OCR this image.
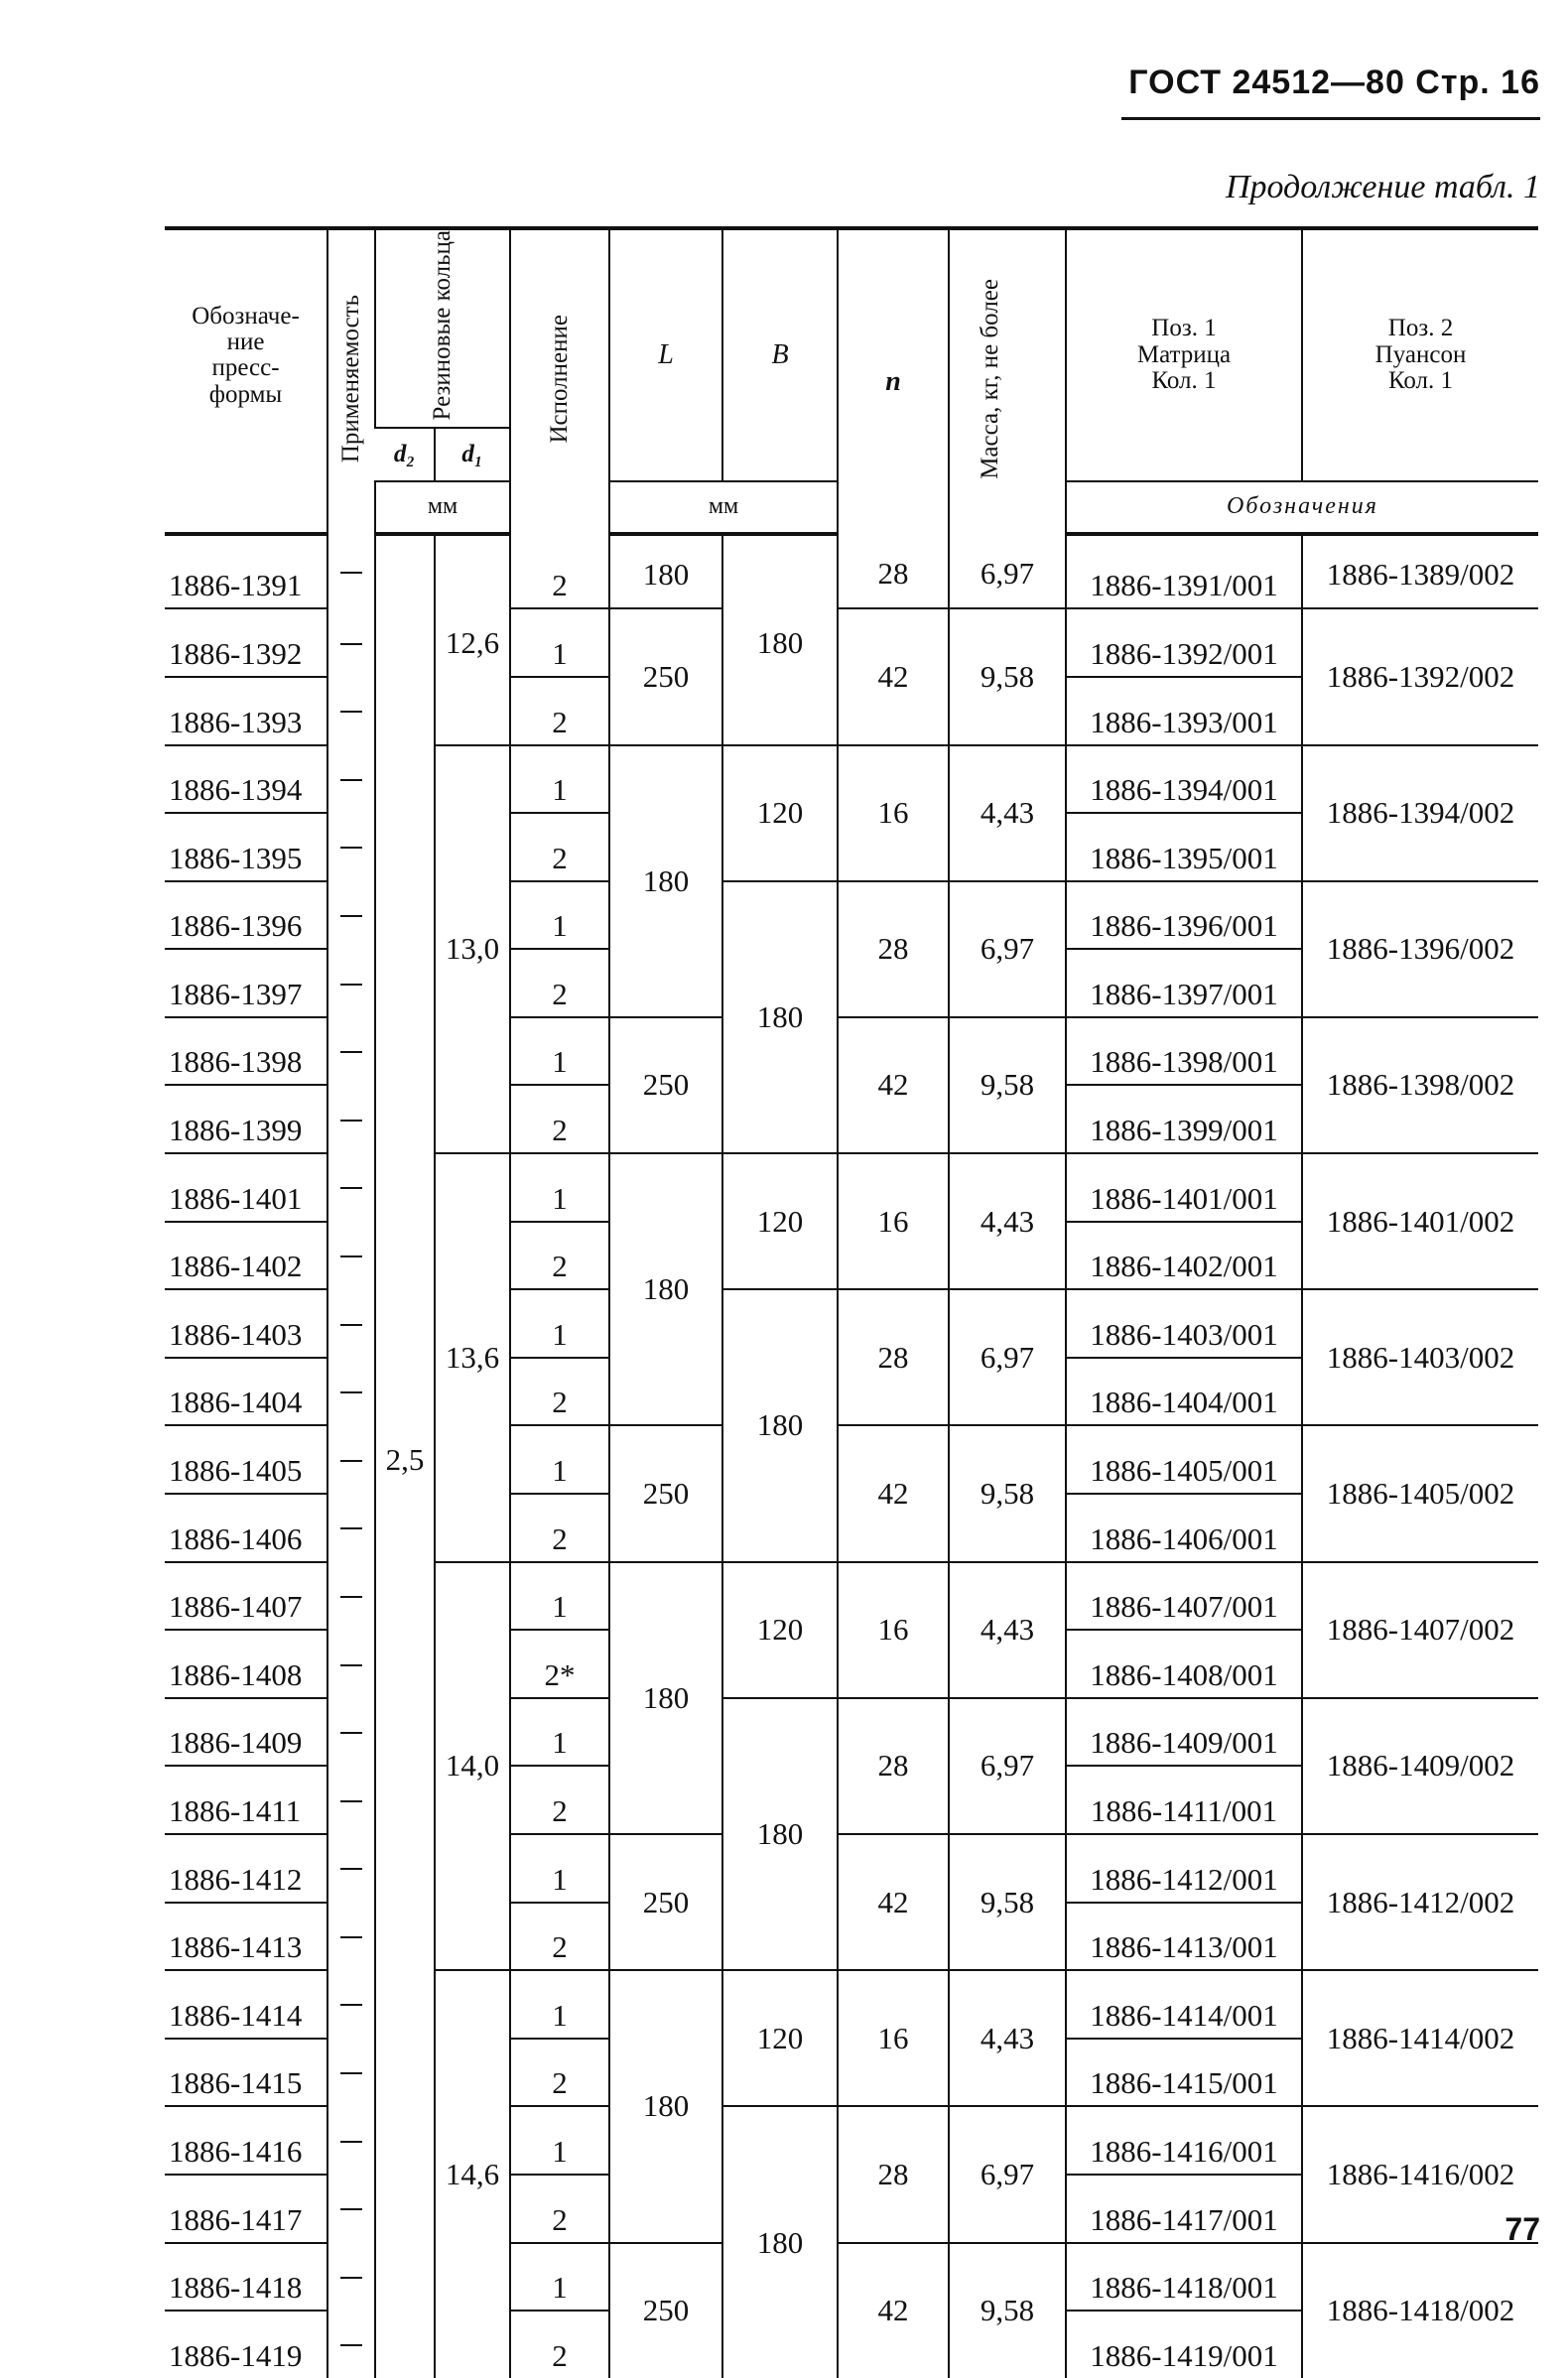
ГОСТ 24512—80 Стр. 16
Продолжение табл. 1
Обозначе- ние пресс- формы	Применяемость	Резиновые кольца		Исполнение	L	B	n	Масса, кг, не более	Поз. 1 Матрица Кол. 1	Поз. 2 Пуансон Кол. 1
		d₂	d₁							
		мм			мм				Обозначения	
1886-1391		2,5	12,6	2	180	180	28	6,97	1886-1391/001	1886-1389/002
1886-1392				1	250		42	9,58	1886-1392/001	1886-1392/002
1886-1393				2					1886-1393/001	
1886-1394			13,0	1	180	120	16	4,43	1886-1394/001	1886-1394/002
1886-1395				2					1886-1395/001	
1886-1396				1		180	28	6,97	1886-1396/001	1886-1396/002
1886-1397				2					1886-1397/001	
1886-1398				1	250		42	9,58	1886-1398/001	1886-1398/002
1886-1399				2					1886-1399/001	
1886-1401			13,6	1	180	120	16	4,43	1886-1401/001	1886-1401/002
1886-1402				2					1886-1402/001	
1886-1403				1		180	28	6,97	1886-1403/001	1886-1403/002
1886-1404				2					1886-1404/001	
1886-1405				1	250		42	9,58	1886-1405/001	1886-1405/002
1886-1406				2					1886-1406/001	
1886-1407			14,0	1	180	120	16	4,43	1886-1407/001	1886-1407/002
1886-1408				2*					1886-1408/001	
1886-1409				1		180	28	6,97	1886-1409/001	1886-1409/002
1886-1411				2					1886-1411/001	
1886-1412				1	250		42	9,58	1886-1412/001	1886-1412/002
1886-1413				2					1886-1413/001	
1886-1414			14,6	1	180	120	16	4,43	1886-1414/001	1886-1414/002
1886-1415				2					1886-1415/001	
1886-1416				1		180	28	6,97	1886-1416/001	1886-1416/002
1886-1417				2					1886-1417/001	
1886-1418				1	250		42	9,58	1886-1418/001	1886-1418/002
1886-1419				2					1886-1419/001	
77
